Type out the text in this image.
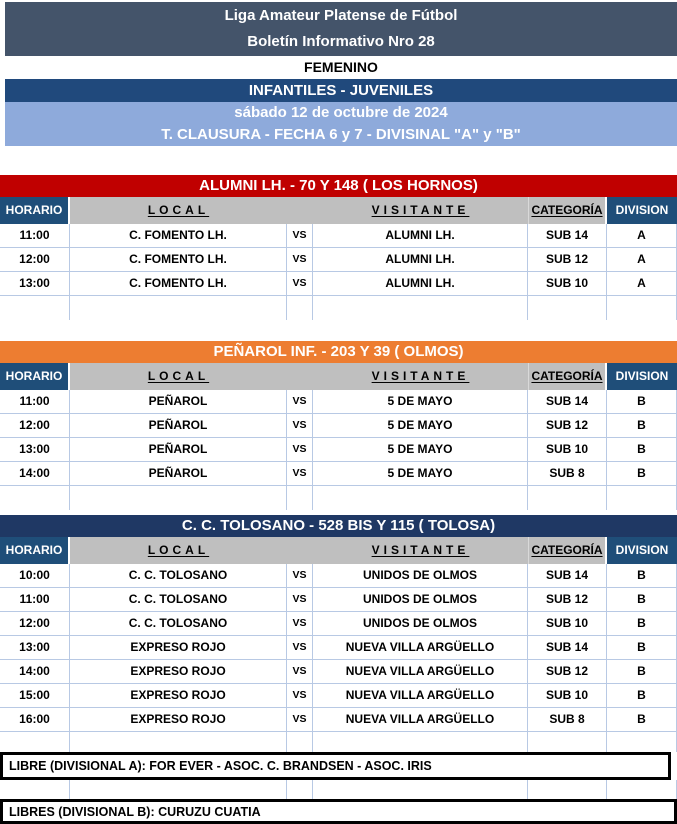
Liga Amateur Platense de Fútbol
Boletín Informativo Nro 28
FEMENINO
INFANTILES - JUVENILES
sábado 12 de octubre de 2024
T. CLAUSURA - FECHA 6 y 7 - DIVISINAL "A" y "B"
ALUMNI LH. - 70 Y 148 ( LOS HORNOS)
HORARIO	LOCAL	VISITANTE	CATEGORÍA	DIVISION
11:00	C. FOMENTO LH.	VS	ALUMNI LH.	SUB 14	A
12:00	C. FOMENTO LH.	VS	ALUMNI LH.	SUB 12	A
13:00	C. FOMENTO LH.	VS	ALUMNI LH.	SUB 10	A
PEÑAROL INF. - 203 Y 39 ( OLMOS)
HORARIO	LOCAL	VISITANTE	CATEGORÍA	DIVISION
11:00	PEÑAROL	VS	5 DE MAYO	SUB 14	B
12:00	PEÑAROL	VS	5 DE MAYO	SUB 12	B
13:00	PEÑAROL	VS	5 DE MAYO	SUB 10	B
14:00	PEÑAROL	VS	5 DE MAYO	SUB 8	B
C. C. TOLOSANO - 528 BIS Y 115 ( TOLOSA)
HORARIO	LOCAL	VISITANTE	CATEGORÍA	DIVISION
10:00	C. C. TOLOSANO	VS	UNIDOS DE OLMOS	SUB 14	B
11:00	C. C. TOLOSANO	VS	UNIDOS DE OLMOS	SUB 12	B
12:00	C. C. TOLOSANO	VS	UNIDOS DE OLMOS	SUB 10	B
13:00	EXPRESO ROJO	VS	NUEVA VILLA ARGÜELLO	SUB 14	B
14:00	EXPRESO ROJO	VS	NUEVA VILLA ARGÜELLO	SUB 12	B
15:00	EXPRESO ROJO	VS	NUEVA VILLA ARGÜELLO	SUB 10	B
16:00	EXPRESO ROJO	VS	NUEVA VILLA ARGÜELLO	SUB 8	B
LIBRE (DIVISIONAL A): FOR EVER - ASOC. C. BRANDSEN - ASOC. IRIS
LIBRES (DIVISIONAL B): CURUZU CUATIA
